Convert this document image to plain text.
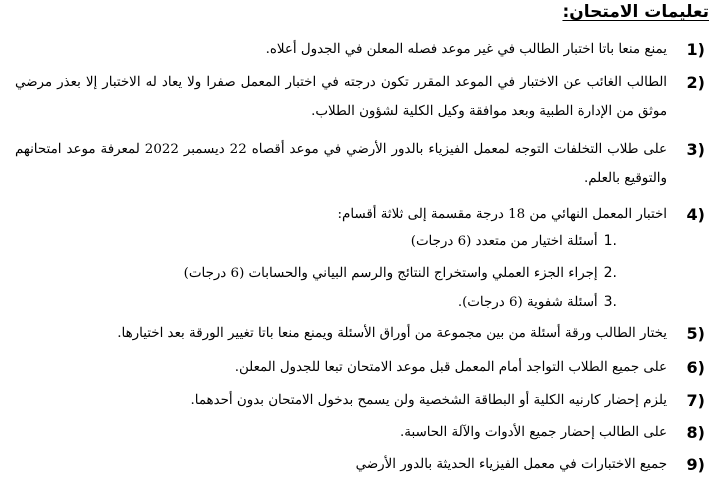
تعليمات الامتحان:
1)
يمنع منعا باتا اختبار الطالب في غير موعد فصله المعلن في الجدول أعلاه.
2)
الطالب الغائب عن الاختبار في الموعد المقرر تكون درجته في اختبار المعمل صفرا ولا يعاد له الاختبار إلا بعذر مرضي موثق من الإدارة الطبية وبعد موافقة وكيل الكلية لشؤون الطلاب.
3)
على طلاب التخلفات التوجه لمعمل الفيزياء بالدور الأرضي في موعد أقصاه 22 ديسمبر 2022 لمعرفة موعد امتحانهم والتوقيع بالعلم.
4)
اختبار المعمل النهائي من 18 درجة مقسمة إلى ثلاثة أقسام:
1.
أسئلة اختيار من متعدد (6 درجات)
2.
إجراء الجزء العملي واستخراج النتائج والرسم البياني والحسابات (6 درجات)
3.
أسئلة شفوية (6 درجات).
5)
يختار الطالب ورقة أسئلة من بين مجموعة من أوراق الأسئلة ويمنع منعا باتا تغيير الورقة بعد اختيارها.
6)
على جميع الطلاب التواجد أمام المعمل قبل موعد الامتحان تبعا للجدول المعلن.
7)
يلزم إحضار كارنيه الكلية أو البطاقة الشخصية ولن يسمح بدخول الامتحان بدون أحدهما.
8)
على الطالب إحضار جميع الأدوات والآلة الحاسبة.
9)
جميع الاختبارات في معمل الفيزياء الحديثة بالدور الأرضي
